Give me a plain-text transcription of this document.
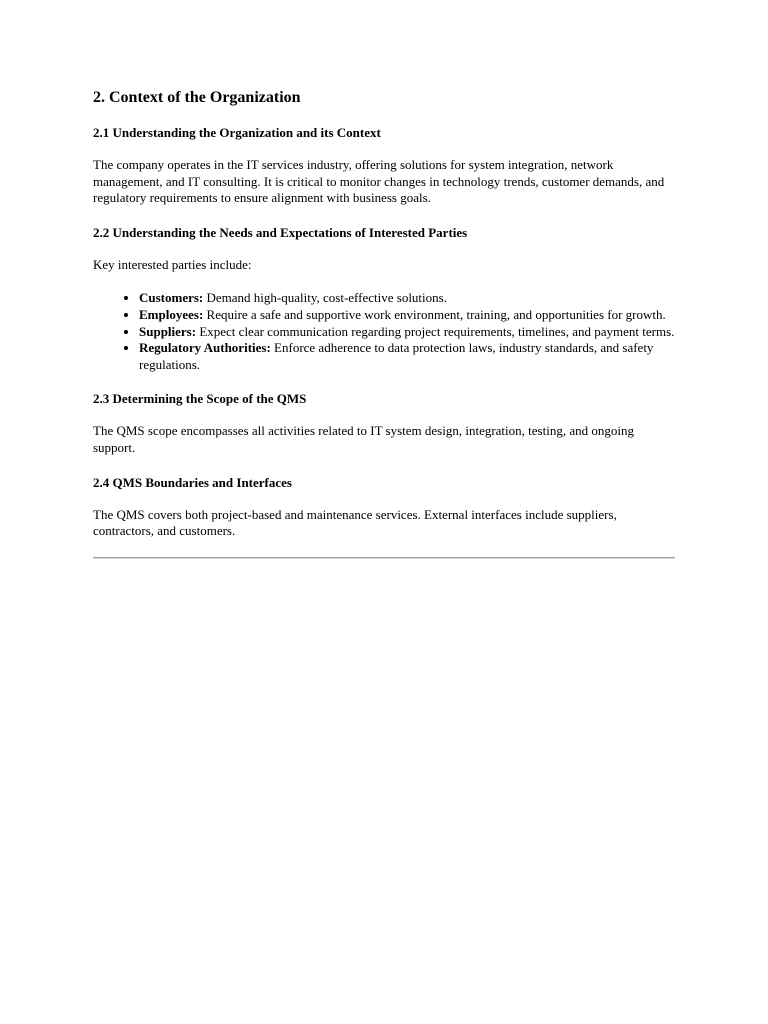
2. Context of the Organization
2.1 Understanding the Organization and its Context

The company operates in the IT services industry, offering solutions for system integration, network management, and IT consulting. It is critical to monitor changes in technology trends, customer demands, and regulatory requirements to ensure alignment with business goals.

2.2 Understanding the Needs and Expectations of Interested Parties

Key interested parties include:

• Customers: Demand high-quality, cost-effective solutions.
• Employees: Require a safe and supportive work environment, training, and opportunities for growth.
• Suppliers: Expect clear communication regarding project requirements, timelines, and payment terms.
• Regulatory Authorities: Enforce adherence to data protection laws, industry standards, and safety regulations.
2.3 Determining the Scope of the QMS

The QMS scope encompasses all activities related to IT system design, integration, testing, and ongoing support.

2.4 QMS Boundaries and Interfaces

The QMS covers both project-based and maintenance services. External interfaces include suppliers, contractors, and customers.
